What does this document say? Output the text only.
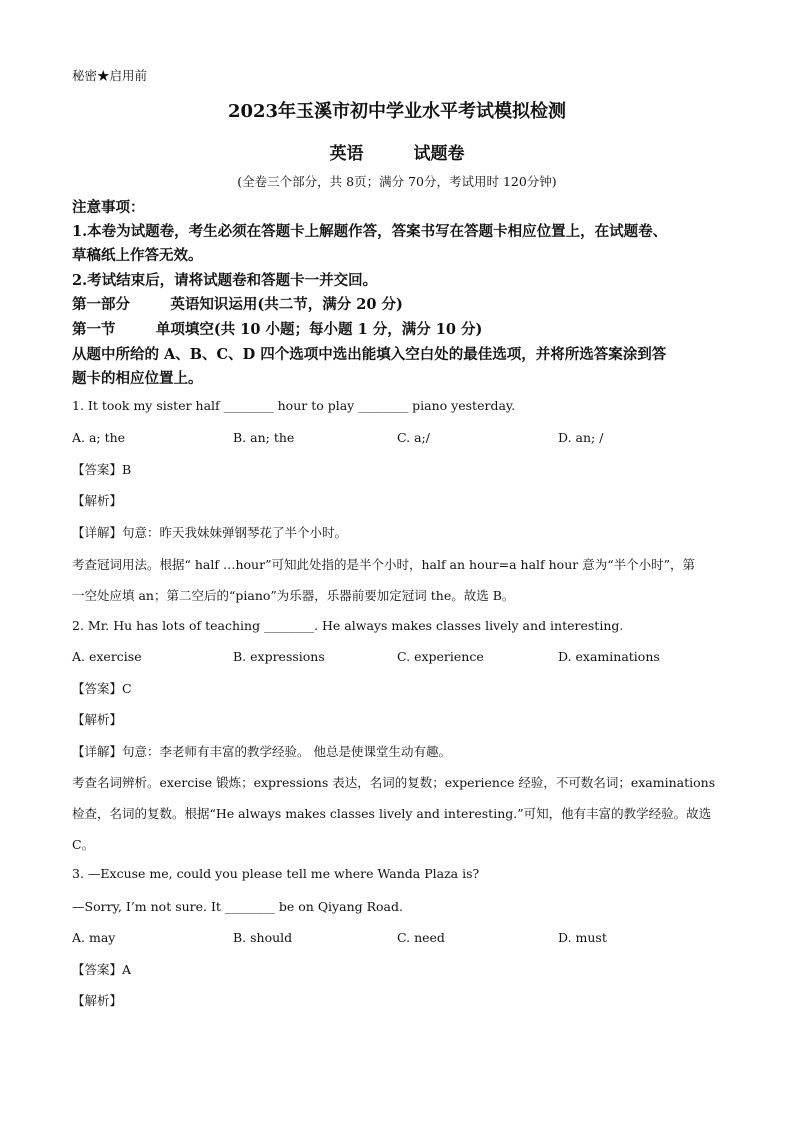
秘密★启用前
2023年玉溪市初中学业水平考试模拟检测
英语	试题卷
(全卷三个部分，共 8页；满分 70分，考试用时 120分钟)
注意事项：
1.本卷为试题卷，考生必须在答题卡上解题作答，答案书写在答题卡相应位置上，在试题卷、
草稿纸上作答无效。
2.考试结束后，请将试题卷和答题卡一并交回。
第一部分        英语知识运用(共二节，满分 20 分)
第一节        单项填空(共 10 小题；每小题 1 分，满分 10 分)
从题中所给的 A、B、C、D 四个选项中选出能填入空白处的最佳选项，并将所选答案涂到答
题卡的相应位置上。
1. It took my sister half ________ hour to play ________ piano yesterday.
A. a; the	B. an; the	C. a;/	D. an; /
【答案】B
【解析】
【详解】句意：昨天我妹妹弹钢琴花了半个小时。
考查冠词用法。根据“ half …hour”可知此处指的是半个小时，half an hour=a half hour 意为“半个小时”，第
一空处应填 an；第二空后的“piano”为乐器，乐器前要加定冠词 the。故选 B。
2. Mr. Hu has lots of teaching ________. He always makes classes lively and interesting.
A. exercise	B. expressions	C. experience	D. examinations
【答案】C
【解析】
【详解】句意：李老师有丰富的教学经验。 他总是使课堂生动有趣。
考查名词辨析。exercise 锻炼；expressions 表达，名词的复数；experience 经验，不可数名词；examinations
检查，名词的复数。根据“He always makes classes lively and interesting.”可知，他有丰富的教学经验。故选
C。
3. —Excuse me, could you please tell me where Wanda Plaza is?
—Sorry, I’m not sure. It ________ be on Qiyang Road.
A. may	B. should	C. need	D. must
【答案】A
【解析】
